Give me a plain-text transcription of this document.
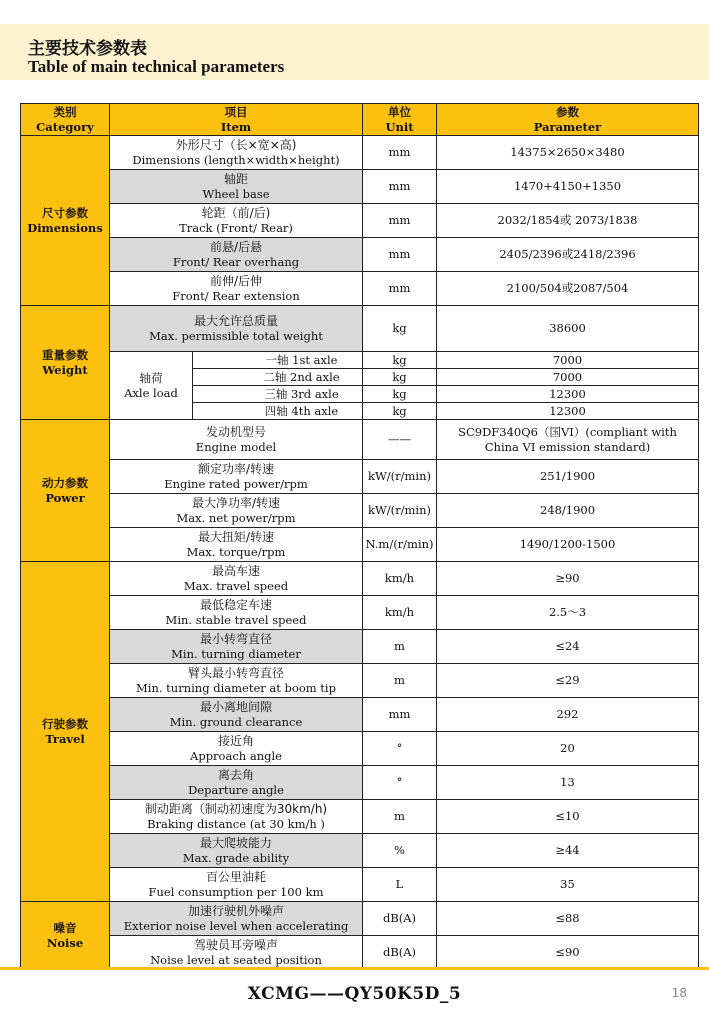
主要技术参数表
Table of main technical parameters
类别
Category	项目
Item		单位
Unit	参数
Parameter

尺寸参数
Dimensions	外形尺寸（长×宽×高)
Dimensions (length×width×height)		mm	14375×2650×3480

	轴距
Wheel base		mm	1470+4150+1350

	轮距（前/后)
Track (Front/ Rear)		mm	2032/1854或 2073/1838

	前悬/后悬
Front/ Rear overhang		mm	2405/2396或2418/2396

	前伸/后伸
Front/ Rear extension		mm	2100/504或2087/504

重量参数
Weight	最大允许总质量
Max. permissible total weight		kg	38600

	轴荷
Axle load	一轴 1st axle	kg	7000
		二轴 2nd axle	kg	7000
		三轴 3rd axle	kg	12300
		四轴 4th axle	kg	12300

动力参数
Power	发动机型号
Engine model		——	SC9DF340Q6（国VI）(compliant with China VI emission standard)

	额定功率/转速
Engine rated power/rpm		kW/(r/min)	251/1900

	最大净功率/转速
Max. net power/rpm		kW/(r/min)	248/1900

	最大扭矩/转速
Max. torque/rpm		N.m/(r/min)	1490/1200-1500

行驶参数
Travel	最高车速
Max. travel speed		km/h	≥90

	最低稳定车速
Min. stable travel speed		km/h	2.5～3

	最小转弯直径
Min. turning diameter		m	≤24

	臂头最小转弯直径
Min. turning diameter at boom tip		m	≤29

	最小离地间隙
Min. ground clearance		mm	292

	接近角
Approach angle		°	20

	离去角
Departure angle		°	13

	制动距离（制动初速度为30km/h)
Braking distance (at 30 km/h )		m	≤10

	最大爬坡能力
Max. grade ability		%	≥44

	百公里油耗
Fuel consumption per 100 km		L	35

噪音
Noise	加速行驶机外噪声
Exterior noise level when accelerating		dB(A)	≤88

	驾驶员耳旁噪声
Noise level at seated position		dB(A)	≤90
XCMG——QY50K5D_5	18
